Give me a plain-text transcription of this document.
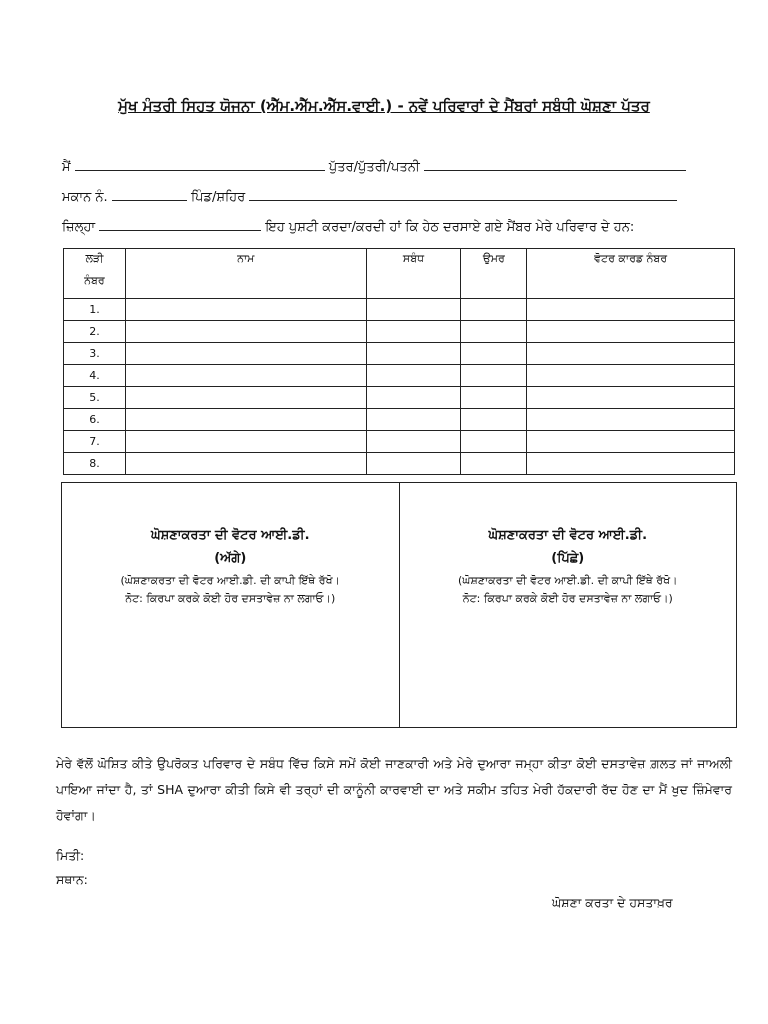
ਮੁੱਖ ਮੰਤਰੀ ਸਿਹਤ ਯੋਜਨਾ (ਐੱਮ.ਐੱਮ.ਐੱਸ.ਵਾਈ.) - ਨਵੇਂ ਪਰਿਵਾਰਾਂ ਦੇ ਮੈਂਬਰਾਂ ਸਬੰਧੀ ਘੋਸ਼ਣਾ ਪੱਤਰ
ਮੈਂ	ਪੁੱਤਰ/ਪੁੱਤਰੀ/ਪਤਨੀ
ਮਕਾਨ ਨੰ.	ਪਿੰਡ/ਸ਼ਹਿਰ
ਜ਼ਿਲ੍ਹਾ	ਇਹ ਪੁਸ਼ਟੀ ਕਰਦਾ/ਕਰਦੀ ਹਾਂ ਕਿ ਹੇਠ ਦਰਸਾਏ ਗਏ ਮੈਂਬਰ ਮੇਰੇ ਪਰਿਵਾਰ ਦੇ ਹਨ:
ਲੜੀ
ਨੰਬਰ	ਨਾਮ	ਸਬੰਧ	ਉਮਰ	ਵੋਟਰ ਕਾਰਡ ਨੰਬਰ
1.				
2.				
3.				
4.				
5.				
6.				
7.				
8.				
ਘੋਸ਼ਣਾਕਰਤਾ ਦੀ ਵੋਟਰ ਆਈ.ਡੀ.
(ਅੱਗੇ)
(ਘੋਸ਼ਣਾਕਰਤਾ ਦੀ ਵੋਟਰ ਆਈ.ਡੀ. ਦੀ ਕਾਪੀ ਇੱਥੇ ਰੱਖੋ।
ਨੋਟ: ਕਿਰਪਾ ਕਰਕੇ ਕੋਈ ਹੋਰ ਦਸਤਾਵੇਜ਼ ਨਾ ਲਗਾਓ।)
ਘੋਸ਼ਣਾਕਰਤਾ ਦੀ ਵੋਟਰ ਆਈ.ਡੀ.
(ਪਿੱਛੇ)
(ਘੋਸ਼ਣਾਕਰਤਾ ਦੀ ਵੋਟਰ ਆਈ.ਡੀ. ਦੀ ਕਾਪੀ ਇੱਥੇ ਰੱਖੋ।
ਨੋਟ: ਕਿਰਪਾ ਕਰਕੇ ਕੋਈ ਹੋਰ ਦਸਤਾਵੇਜ਼ ਨਾ ਲਗਾਓ।)
ਮੇਰੇ ਵੱਲੋਂ ਘੋਸ਼ਿਤ ਕੀਤੇ ਉਪਰੋਕਤ ਪਰਿਵਾਰ ਦੇ ਸਬੰਧ ਵਿੱਚ ਕਿਸੇ ਸਮੇਂ ਕੋਈ ਜਾਣਕਾਰੀ ਅਤੇ ਮੇਰੇ ਦੁਆਰਾ ਜਮ੍ਹਾ ਕੀਤਾ ਕੋਈ ਦਸਤਾਵੇਜ਼ ਗ਼ਲਤ ਜਾਂ ਜਾਅਲੀ ਪਾਇਆ ਜਾਂਦਾ ਹੈ, ਤਾਂ SHA ਦੁਆਰਾ ਕੀਤੀ ਕਿਸੇ ਵੀ ਤਰ੍ਹਾਂ ਦੀ ਕਾਨੂੰਨੀ ਕਾਰਵਾਈ ਦਾ ਅਤੇ ਸਕੀਮ ਤਹਿਤ ਮੇਰੀ ਹੱਕਦਾਰੀ ਰੱਦ ਹੋਣ ਦਾ ਮੈਂ ਖੁਦ ਜ਼ਿੰਮੇਵਾਰ ਹੋਵਾਂਗਾ।
ਮਿਤੀ:
ਸਥਾਨ:
ਘੋਸ਼ਣਾ ਕਰਤਾ ਦੇ ਹਸਤਾਖ਼ਰ
